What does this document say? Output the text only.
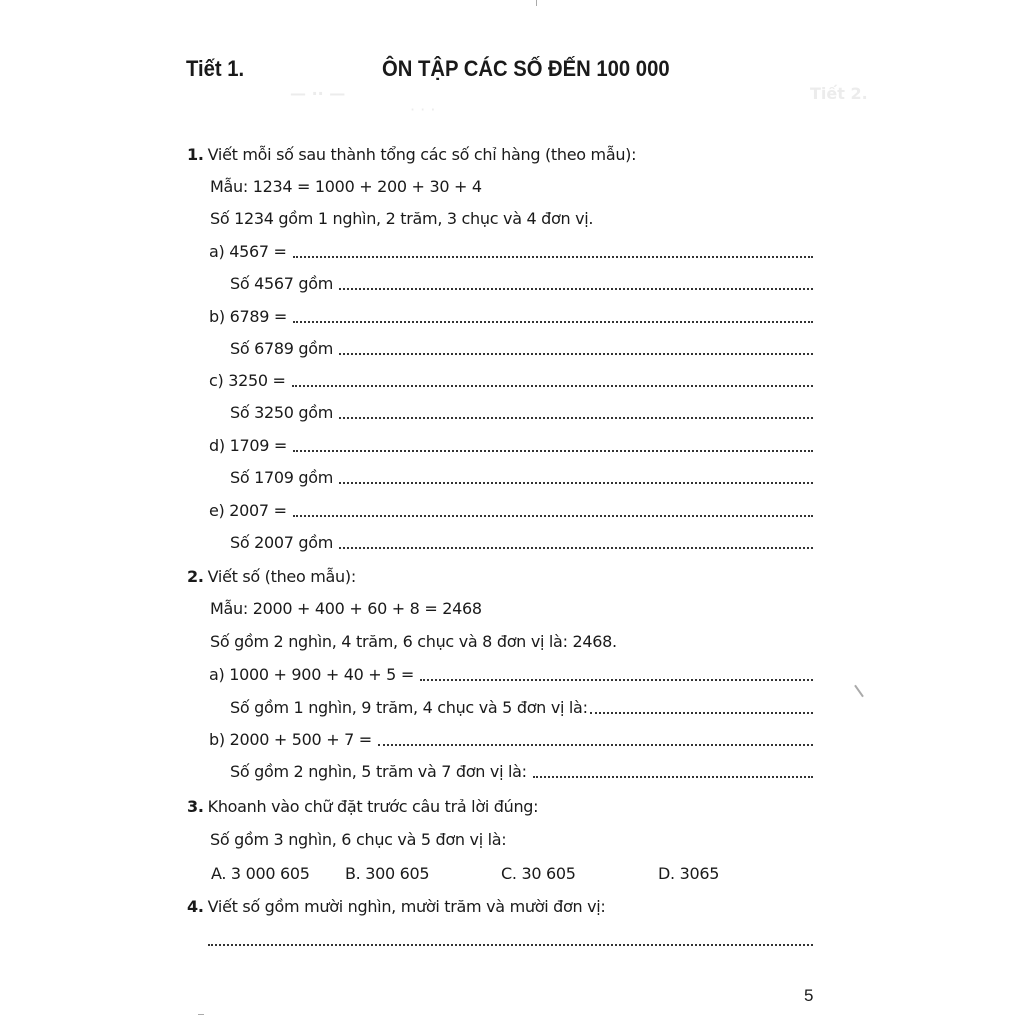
Tiết 2.
— ·· —
· · ·
Tiết 1.	ÔN TẬP CÁC SỐ ĐẾN 100 000
1. Viết mỗi số sau thành tổng các số chỉ hàng (theo mẫu):
Mẫu: 1234 = 1000 + 200 + 30 + 4
Số 1234 gồm 1 nghìn, 2 trăm, 3 chục và 4 đơn vị.
a) 4567 =
Số 4567 gồm
b) 6789 =
Số 6789 gồm
c) 3250 =
Số 3250 gồm
d) 1709 =
Số 1709 gồm
e) 2007 =
Số 2007 gồm
2. Viết số (theo mẫu):
Mẫu: 2000 + 400 + 60 + 8 = 2468
Số gồm 2 nghìn, 4 trăm, 6 chục và 8 đơn vị là: 2468.
a) 1000 + 900 + 40 + 5 =
Số gồm 1 nghìn, 9 trăm, 4 chục và 5 đơn vị là:
b) 2000 + 500 + 7 =
Số gồm 2 nghìn, 5 trăm và 7 đơn vị là:
3. Khoanh vào chữ đặt trước câu trả lời đúng:
Số gồm 3 nghìn, 6 chục và 5 đơn vị là:
A. 3 000 605 B. 300 605	C. 30 605	D. 3065
4. Viết số gồm mười nghìn, mười trăm và mười đơn vị:
5
